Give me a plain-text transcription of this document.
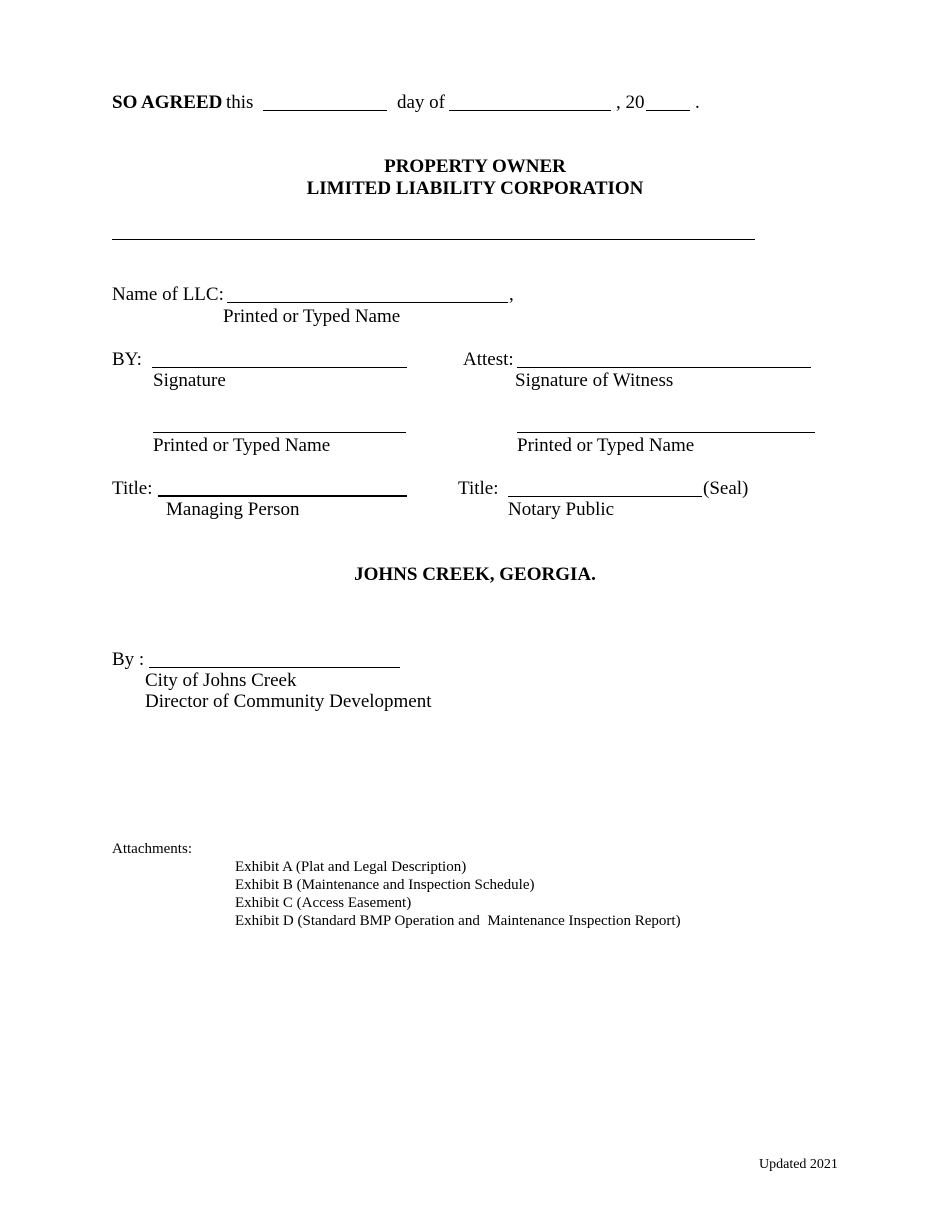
SO AGREED this	day of	, 20	.
PROPERTY OWNER
LIMITED LIABILITY CORPORATION
Name of LLC:	,
Printed or Typed Name
BY:
Signature
Attest:
Signature of Witness
Printed or Typed Name	Printed or Typed Name
Title:
Managing Person
Title:	(Seal)
Notary Public
JOHNS CREEK, GEORGIA.
By :
City of Johns Creek
Director of Community Development
Attachments:
Exhibit A (Plat and Legal Description)
Exhibit B (Maintenance and Inspection Schedule)
Exhibit C (Access Easement)
Exhibit D (Standard BMP Operation and  Maintenance Inspection Report)
Updated 2021
